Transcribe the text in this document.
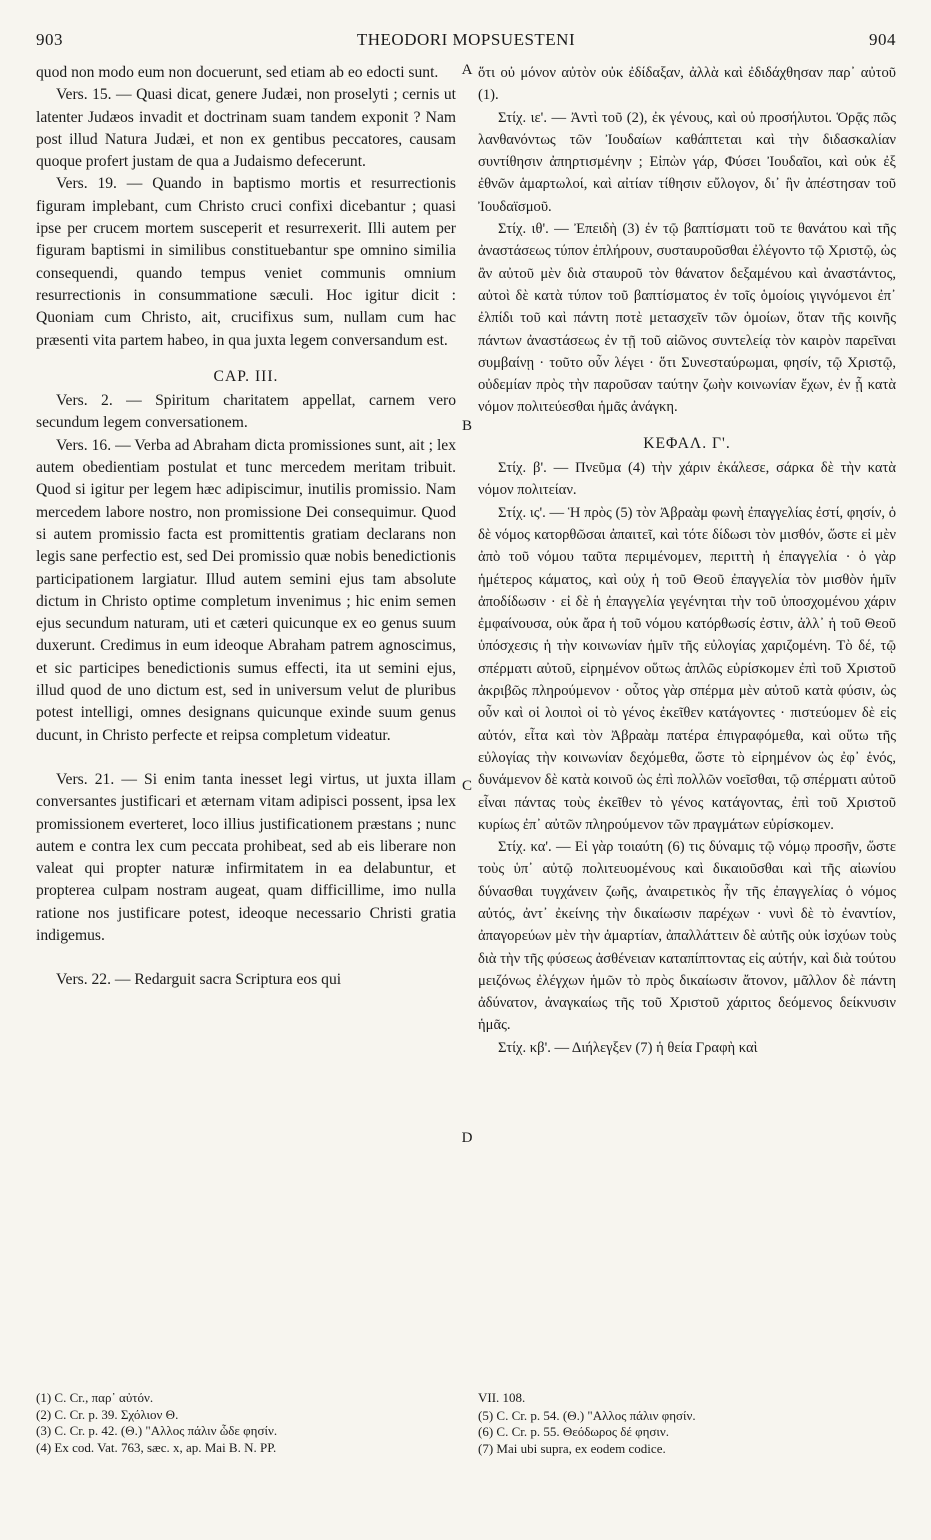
903	THEODORI MOPSUESTENI	904

quod non modo eum non docuerunt, sed etiam ab eo edocti sunt.

Vers. 15. — Quasi dicat, genere Judæi, non proselyti ; cernis ut latenter Judæos invadit et doctrinam suam tandem exponit ? Nam post illud Natura Judæi, et non ex gentibus peccatores, causam quoque profert justam de qua a Judaismo defecerunt.

Vers. 19. — Quando in baptismo mortis et resurrectionis figuram implebant, cum Christo cruci confixi dicebantur ; quasi ipse per crucem mortem susceperit et resurrexerit. Illi autem per figuram baptismi in similibus constituebantur spe omnino similia consequendi, quando tempus veniet communis omnium resurrectionis in consummatione sæculi. Hoc igitur dicit : Quoniam cum Christo, ait, crucifixus sum, nullam cum hac præsenti vita partem habeo, in qua juxta legem conversandum est.

CAP. III.

Vers. 2. — Spiritum charitatem appellat, carnem vero secundum legem conversationem.

Vers. 16. — Verba ad Abraham dicta promissiones sunt, ait ; lex autem obedientiam postulat et tunc mercedem meritam tribuit. Quod si igitur per legem hæc adipiscimur, inutilis promissio. Nam mercedem labore nostro, non promissione Dei consequimur. Quod si autem promissio facta est promittentis gratiam declarans non legis sane perfectio est, sed Dei promissio quæ nobis benedictionis participationem largiatur. Illud autem semini ejus tam absolute dictum in Christo optime completum invenimus ; hic enim semen ejus secundum naturam, uti et cæteri quicunque ex eo genus suum duxerunt. Credimus in eum ideoque Abraham patrem agnoscimus, et sic participes benedictionis sumus effecti, ita ut semini ejus, illud quod de uno dictum est, sed in universum velut de pluribus potest intelligi, omnes designans quicunque exinde suum genus ducunt, in Christo perfecte et reipsa completum videatur.

Vers. 21. — Si enim tanta inesset legi virtus, ut juxta illam conversantes justificari et æternam vitam adipisci possent, ipsa lex promissionem everteret, loco illius justificationem præstans ; nunc autem e contra lex cum peccata prohibeat, sed ab eis liberare non valeat qui propter naturæ infirmitatem in ea delabuntur, et propterea culpam nostram augeat, quam difficillime, imo nulla ratione nos justificare potest, ideoque necessario Christi gratia indigemus.

Vers. 22. — Redarguit sacra Scriptura eos qui

A
B
C
D

ὅτι οὐ μόνον αὐτὸν οὐκ ἐδίδαξαν, ἀλλὰ καὶ ἐδιδάχθησαν παρ᾽ αὐτοῦ (1).

Στίχ. ιε'. — Ἀντὶ τοῦ (2), ἐκ γένους, καὶ οὐ προσήλυτοι. Ὁρᾷς πῶς λανθανόντως τῶν Ἰουδαίων καθάπτεται καὶ τὴν διδασκαλίαν συντίθησιν ἀπηρτισμένην ; Εἰπὼν γάρ, Φύσει Ἰουδαῖοι, καὶ οὐκ ἐξ ἐθνῶν ἁμαρτωλοί, καὶ αἰτίαν τίθησιν εὔλογον, δι᾽ ἣν ἀπέστησαν τοῦ Ἰουδαϊσμοῦ.

Στίχ. ιθ'. — Ἐπειδὴ (3) ἐν τῷ βαπτίσματι τοῦ τε θανάτου καὶ τῆς ἀναστάσεως τύπον ἐπλήρουν, συσταυροῦσθαι ἐλέγοντο τῷ Χριστῷ, ὡς ἂν αὐτοῦ μὲν διὰ σταυροῦ τὸν θάνατον δεξαμένου καὶ ἀναστάντος, αὐτοὶ δὲ κατὰ τύπον τοῦ βαπτίσματος ἐν τοῖς ὁμοίοις γιγνόμενοι ἐπ᾽ ἐλπίδι τοῦ καὶ πάντη ποτὲ μετασχεῖν τῶν ὁμοίων, ὅταν τῆς κοινῆς πάντων ἀναστάσεως ἐν τῇ τοῦ αἰῶνος συντελείᾳ τὸν καιρὸν παρεῖναι συμβαίνῃ · τοῦτο οὖν λέγει · ὅτι Συνεσταύρωμαι, φησίν, τῷ Χριστῷ, οὐδεμίαν πρὸς τὴν παροῦσαν ταύτην ζωὴν κοινωνίαν ἔχων, ἐν ᾗ κατὰ νόμον πολιτεύεσθαι ἡμᾶς ἀνάγκη.

ΚΕΦΑΛ. Γ'.

Στίχ. β'. — Πνεῦμα (4) τὴν χάριν ἐκάλεσε, σάρκα δὲ τὴν κατὰ νόμον πολιτείαν.

Στίχ. ις'. — Ἡ πρὸς (5) τὸν Ἀβραὰμ φωνὴ ἐπαγγελίας ἐστί, φησίν, ὁ δὲ νόμος κατορθῶσαι ἀπαιτεῖ, καὶ τότε δίδωσι τὸν μισθόν, ὥστε εἰ μὲν ἀπὸ τοῦ νόμου ταῦτα περιμένομεν, περιττὴ ἡ ἐπαγγελία · ὁ γὰρ ἡμέτερος κάματος, καὶ οὐχ ἡ τοῦ Θεοῦ ἐπαγγελία τὸν μισθὸν ἡμῖν ἀποδίδωσιν · εἰ δὲ ἡ ἐπαγγελία γεγένηται τὴν τοῦ ὑποσχομένου χάριν ἐμφαίνουσα, οὐκ ἄρα ἡ τοῦ νόμου κατόρθωσίς ἐστιν, ἀλλ᾽ ἡ τοῦ Θεοῦ ὑπόσχεσις ἡ τὴν κοινωνίαν ἡμῖν τῆς εὐλογίας χαριζομένη. Τὸ δέ, τῷ σπέρματι αὐτοῦ, εἰρημένον οὕτως ἁπλῶς εὑρίσκομεν ἐπὶ τοῦ Χριστοῦ ἀκριβῶς πληρούμενον · οὗτος γὰρ σπέρμα μὲν αὐτοῦ κατὰ φύσιν, ὡς οὖν καὶ οἱ λοιποὶ οἱ τὸ γένος ἐκεῖθεν κατάγοντες · πιστεύομεν δὲ εἰς αὐτόν, εἶτα καὶ τὸν Ἀβραὰμ πατέρα ἐπιγραφόμεθα, καὶ οὕτω τῆς εὐλογίας τὴν κοινωνίαν δεχόμεθα, ὥστε τὸ εἰρημένον ὡς ἐφ᾽ ἑνός, δυνάμενον δὲ κατὰ κοινοῦ ὡς ἐπὶ πολλῶν νοεῖσθαι, τῷ σπέρματι αὐτοῦ εἶναι πάντας τοὺς ἐκεῖθεν τὸ γένος κατάγοντας, ἐπὶ τοῦ Χριστοῦ κυρίως ἐπ᾽ αὐτῶν πληρούμενον τῶν πραγμάτων εὑρίσκομεν.

Στίχ. κα'. — Εἰ γὰρ τοιαύτη (6) τις δύναμις τῷ νόμῳ προσῆν, ὥστε τοὺς ὑπ᾽ αὐτῷ πολιτευομένους καὶ δικαιοῦσθαι καὶ τῆς αἰωνίου δύνασθαι τυγχάνειν ζωῆς, ἀναιρετικὸς ἦν τῆς ἐπαγγελίας ὁ νόμος αὐτός, ἀντ᾽ ἐκείνης τὴν δικαίωσιν παρέχων · νυνὶ δὲ τὸ ἐναντίον, ἀπαγορεύων μὲν τὴν ἁμαρτίαν, ἀπαλλάττειν δὲ αὐτῆς οὐκ ἰσχύων τοὺς διὰ τὴν τῆς φύσεως ἀσθένειαν καταπίπτοντας εἰς αὐτήν, καὶ διὰ τούτου μειζόνως ἐλέγχων ἡμῶν τὸ πρὸς δικαίωσιν ἄτονον, μᾶλλον δὲ πάντη ἀδύνατον, ἀναγκαίως τῆς τοῦ Χριστοῦ χάριτος δεόμενος δείκνυσιν ἡμᾶς.

Στίχ. κβ'. — Διήλεγξεν (7) ἡ θεία Γραφὴ καὶ

(1) C. Cr., παρ᾽ αὐτόν.
(2) C. Cr. p. 39. Σχόλιον Θ.
(3) C. Cr. p. 42. (Θ.) "Αλλος πάλιν ὧδε φησίν.
(4) Ex cod. Vat. 763, sæc. x, ap. Mai B. N. PP.
VII. 108.
(5) C. Cr. p. 54. (Θ.) "Αλλος πάλιν φησίν.
(6) C. Cr. p. 55. Θεόδωρος δέ φησιν.
(7) Mai ubi supra, ex eodem codice.
